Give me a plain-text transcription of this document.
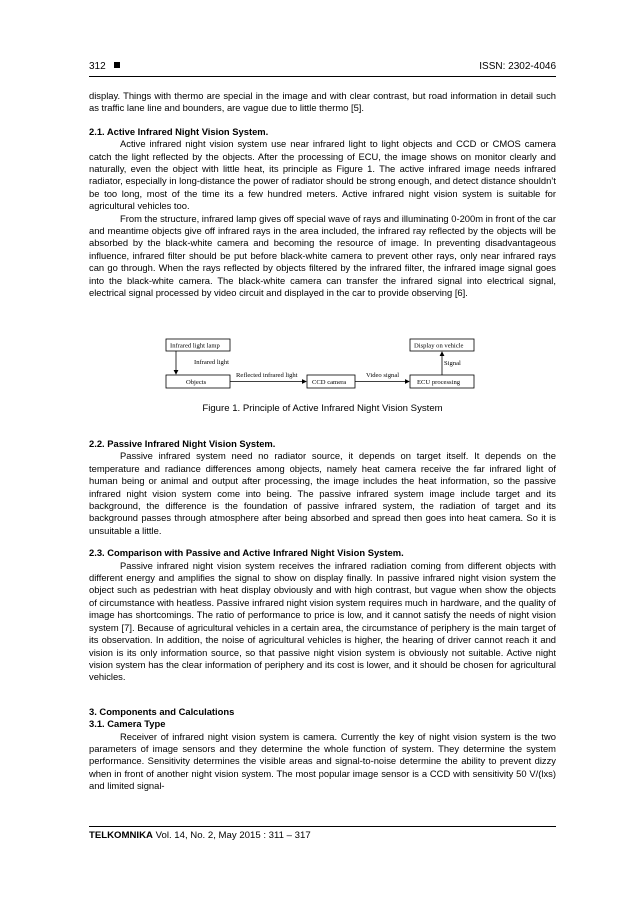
312	ISSN: 2302-4046

display. Things with thermo are special in the image and with clear contrast, but road information in detail such as traffic lane line and bounders, are vague due to little thermo [5].

2.1. Active Infrared Night Vision System.

Active infrared night vision system use near infrared light to light objects and CCD or CMOS camera catch the light reflected by the objects. After the processing of ECU, the image shows on monitor clearly and naturally, even the object with little heat, its principle as Figure 1. The active infrared image needs infrared radiator, especially in long-distance the power of radiator should be strong enough, and detect distance shouldn’t be too long, most of the time its a few hundred meters. Active infrared night vision system is suitable for agricultural vehicles too.

From the structure, infrared lamp gives off special wave of rays and illuminating 0-200m in front of the car and meantime objects give off infrared rays in the area included, the infrared ray reflected by the objects will be absorbed by the black-white camera and becoming the resource of image. In preventing disadvantageous influence, infrared filter should be put before black-white camera to prevent other rays, only near infrared rays can go through. When the rays reflected by objects filtered by the infrared filter, the infrared image signal goes into the black-white camera. The black-white camera can transfer the infrared signal into electrical signal, electrical signal processed by video circuit and displayed in the car to provide observing [6].

Infrared light lamp
Infrared light
Objects
Reflected infrared light
CCD camera
Video signal
ECU processing
Signal
Display on vehicle
Figure 1. Principle of Active Infrared Night Vision System

2.2. Passive Infrared Night Vision System.

Passive infrared system need no radiator source, it depends on target itself. It depends on the temperature and radiance differences among objects, namely heat camera receive the far infrared light of human being or animal and output after processing, the image includes the heat information, so the passive infrared night vision system come into being. The passive infrared system image include target and its background, the difference is the foundation of passive infrared system, the radiation of target and its background passes through atmosphere after being absorbed and spread then goes into heat camera. So it is unsuitable a little.

2.3. Comparison with Passive and Active Infrared Night Vision System.

Passive infrared night vision system receives the infrared radiation coming from different objects with different energy and amplifies the signal to show on display finally. In passive infrared night vision system the object such as pedestrian with heat display obviously and with high contrast, but vague when show the objects of circumstance with heatless. Passive infrared night vision system requires much in hardware, and the quality of image has shortcomings. The ratio of performance to price is low, and it cannot satisfy the needs of night vision system [7]. Because of agricultural vehicles in a certain area, the circumstance of periphery is the main target of its observation. In addition, the noise of agricultural vehicles is higher, the hearing of driver cannot reach it and vision is its only information source, so that passive night vision system is obviously not suitable. Active night vision system has the clear information of periphery and its cost is lower, and it should be chosen for agricultural vehicles.

3. Components and Calculations

3.1. Camera Type

Receiver of infrared night vision system is camera. Currently the key of night vision system is the two parameters of image sensors and they determine the whole function of system. They determine the system performance. Sensitivity determines the visible areas and signal-to-noise determine the ability to prevent dizzy when in front of another night vision system. The most popular image sensor is a CCD with sensitivity 50 V/(lxs) and limited signal-

TELKOMNIKA Vol. 14, No. 2, May 2015 : 311 – 317
